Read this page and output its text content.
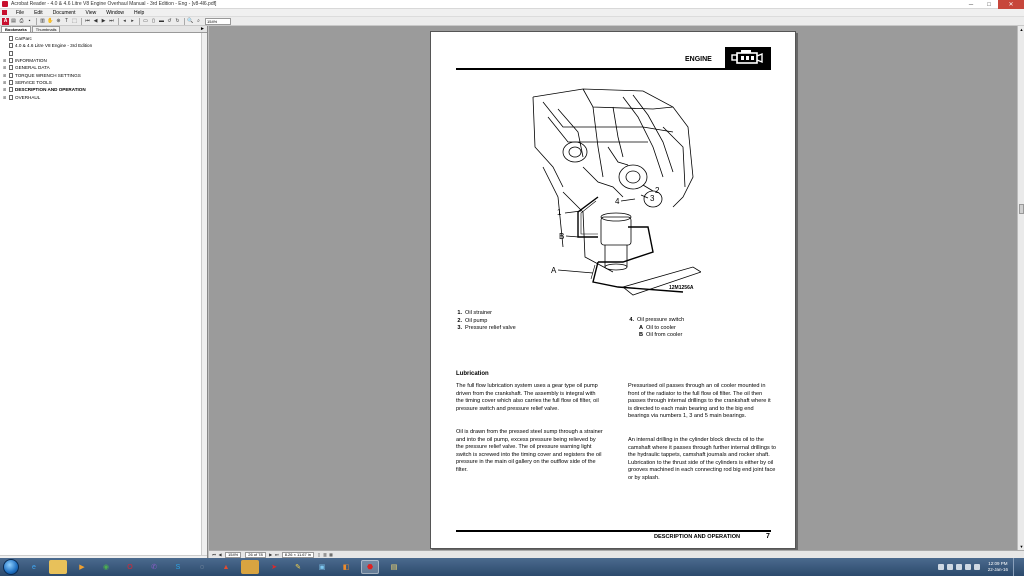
Acrobat Reader - 4.0 & 4.6 Litre V8 Engine Overhaul Manual - 3rd Edition - Eng - [v8-4l6.pdf]	─	□	✕
File	Edit	Document	View	Window	Help
A ▤ ⎙	▪	▥ ✋ ⊕ T ⬚ ⏮ ◀ ▶ ⏭	◂	▸	▭ ▯ ▬ ↺ ↻ 🔍 ⌕	154%
Bookmarks	Thumbnails	►
CarParc
4.0 & 4.6 Litre V8 Engine - 3rd Edition
⊞	INFORMATION
⊞	GENERAL DATA
⊞	TORQUE WRENCH SETTINGS
⊞	SERVICE TOOLS
⊞	DESCRIPTION AND OPERATION
⊞	OVERHAUL
ENGINE
1
2
3
4
B
A
12M1256A
1. Oil strainer
2. Oil pump
3. Pressure relief valve
4. Oil pressure switch
A Oil to cooler
B Oil from cooler
Lubrication

The full flow lubrication system uses a gear type oil pump driven from the crankshaft. The assembly is integral with the timing cover which also carries the full flow oil filter, oil pressure switch and pressure relief valve.

Oil is drawn from the pressed steel sump through a strainer and into the oil pump, excess pressure being relieved by the pressure relief valve. The oil pressure warning light switch is screwed into the timing cover and registers the oil pressure in the main oil gallery on the outflow side of the filter.

Pressurised oil passes through an oil cooler mounted in front of the radiator to the full flow oil filter. The oil then passes through internal drillings to the crankshaft where it is directed to each main bearing and to the big end bearings via numbers 1, 3 and 5 main bearings.

An internal drilling in the cylinder block directs oil to the camshaft where it passes through further internal drillings to the hydraulic tappets, camshaft journals and rocker shaft. Lubrication to the thrust side of the cylinders is either by oil grooves machined in each connecting rod big end joint face or by splash.

DESCRIPTION AND OPERATION	7
▲
▼
⏮ ◀	154%	26 of 78	▶ ⏭	8.26 × 11.67 in	▯ ▥ ▦
e	▶	◉	O	✆	S	◌	▲	➤	✎	▣	◧	⬣	▤
12:09 PM
22-Jan-16
